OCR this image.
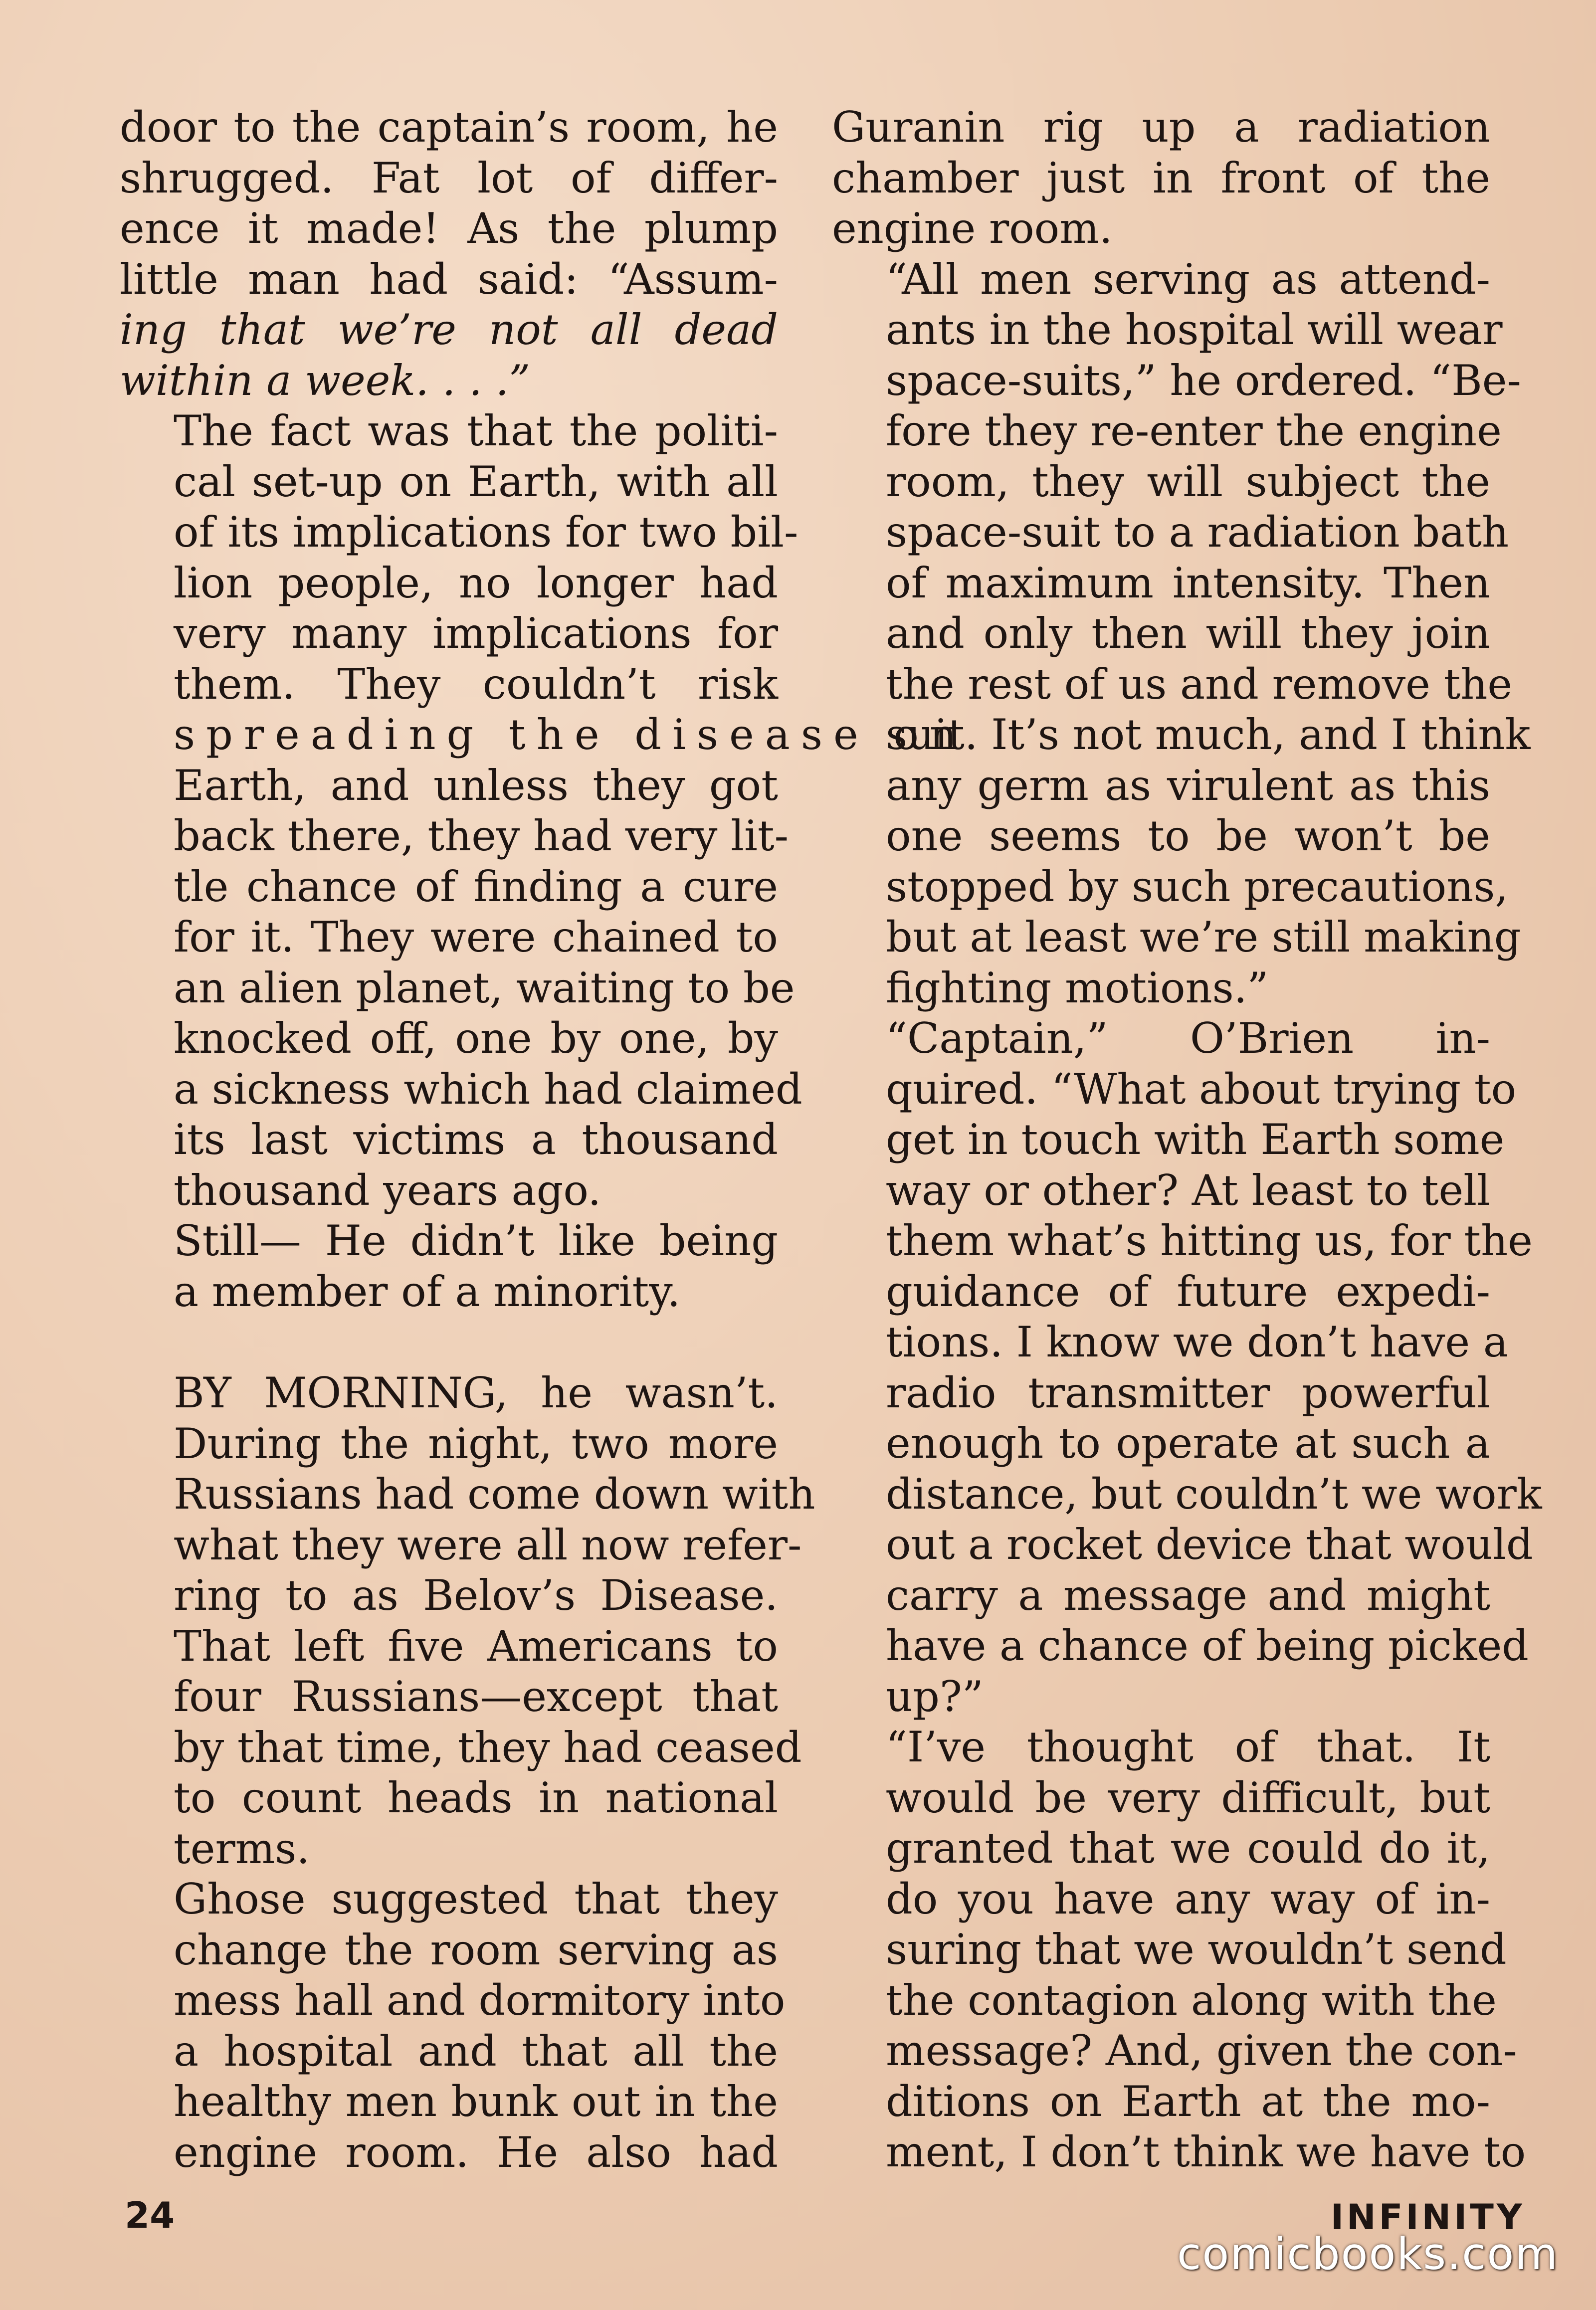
door to the captain’s room, he
shrugged. Fat lot of differ-
ence it made! As the plump
little man had said: “Assum-
ing that we’re not all dead
within a week. . . .”

The fact was that the politi-
cal set-up on Earth, with all
of its implications for two bil-
lion people, no longer had
very many implications for
them. They couldn’t risk
spreading the disease on
Earth, and unless they got
back there, they had very lit-
tle chance of finding a cure
for it. They were chained to
an alien planet, waiting to be
knocked off, one by one, by
a sickness which had claimed
its last victims a thousand
thousand years ago.

Still— He didn’t like being
a member of a minority.

BY MORNING, he wasn’t.
During the night, two more
Russians had come down with
what they were all now refer-
ring to as Belov’s Disease.
That left five Americans to
four Russians—except that
by that time, they had ceased
to count heads in national
terms.

Ghose suggested that they
change the room serving as
mess hall and dormitory into
a hospital and that all the
healthy men bunk out in the
engine room. He also had

Guranin rig up a radiation
chamber just in front of the
engine room.

“All men serving as attend-
ants in the hospital will wear
space-suits,” he ordered. “Be-
fore they re-enter the engine
room, they will subject the
space-suit to a radiation bath
of maximum intensity. Then
and only then will they join
the rest of us and remove the
suit. It’s not much, and I think
any germ as virulent as this
one seems to be won’t be
stopped by such precautions,
but at least we’re still making
fighting motions.”

“Captain,” O’Brien in-
quired. “What about trying to
get in touch with Earth some
way or other? At least to tell
them what’s hitting us, for the
guidance of future expedi-
tions. I know we don’t have a
radio transmitter powerful
enough to operate at such a
distance, but couldn’t we work
out a rocket device that would
carry a message and might
have a chance of being picked
up?”

“I’ve thought of that. It
would be very difficult, but
granted that we could do it,
do you have any way of in-
suring that we wouldn’t send
the contagion along with the
message? And, given the con-
ditions on Earth at the mo-
ment, I don’t think we have to

24	INFINITY
comicbooks.com
